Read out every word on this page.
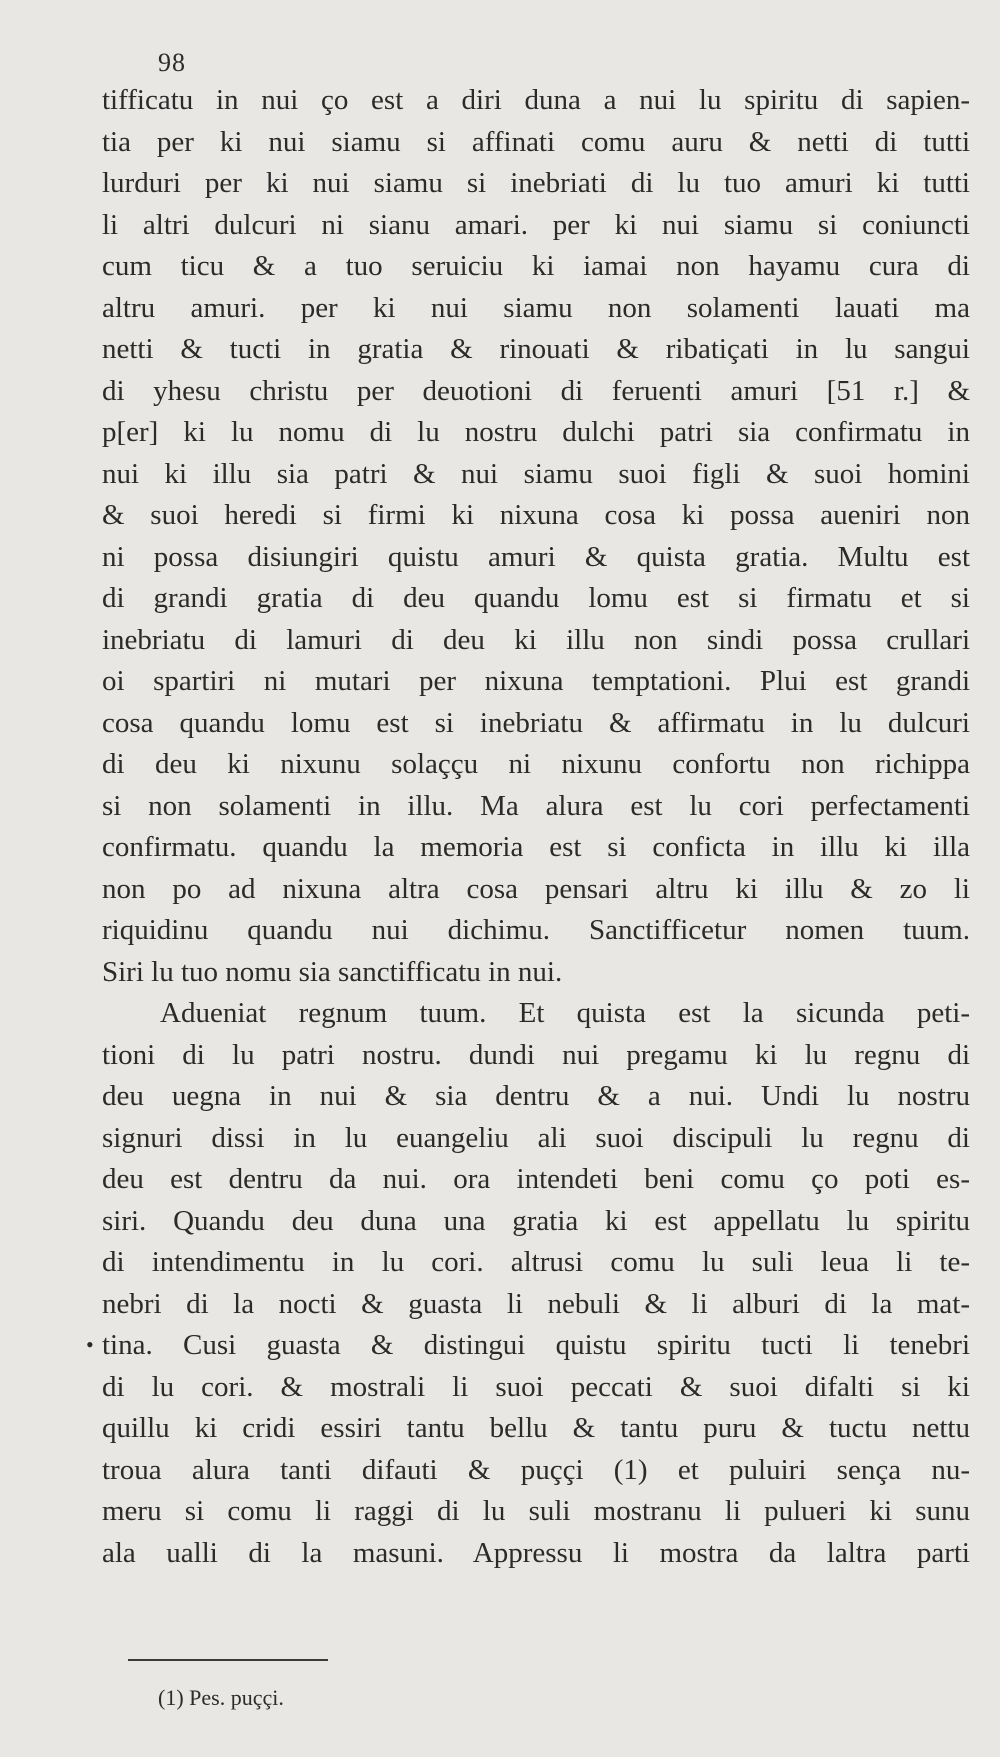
98
tifficatu in nui ço est a diri duna a nui lu spiritu di sapien-
tia per ki nui siamu si affinati comu auru & netti di tutti
lurduri per ki nui siamu si inebriati di lu tuo amuri ki tutti
li altri dulcuri ni sianu amari. per ki nui siamu si coniuncti
cum ticu & a tuo seruiciu ki iamai non hayamu cura di
altru amuri. per ki nui siamu non solamenti lauati ma
netti & tucti in gratia & rinouati & ribatiçati in lu sangui
di yhesu christu per deuotioni di feruenti amuri [51 r.] &
p[er] ki lu nomu di lu nostru dulchi patri sia confirmatu in
nui ki illu sia patri & nui siamu suoi figli & suoi homini
& suoi heredi si firmi ki nixuna cosa ki possa aueniri non
ni possa disiungiri quistu amuri & quista gratia. Multu est
di grandi gratia di deu quandu lomu est si firmatu et si
inebriatu di lamuri di deu ki illu non sindi possa crullari
oi spartiri ni mutari per nixuna temptationi. Plui est grandi
cosa quandu lomu est si inebriatu & affirmatu in lu dulcuri
di deu ki nixunu solaççu ni nixunu confortu non richippa
si non solamenti in illu. Ma alura est lu cori perfectamenti
confirmatu. quandu la memoria est si conficta in illu ki illa
non po ad nixuna altra cosa pensari altru ki illu & zo li
riquidinu quandu nui dichimu. Sanctifficetur nomen tuum.
Siri lu tuo nomu sia sanctifficatu in nui.
Adueniat regnum tuum. Et quista est la sicunda peti-
tioni di lu patri nostru. dundi nui pregamu ki lu regnu di
deu uegna in nui & sia dentru & a nui. Undi lu nostru
signuri dissi in lu euangeliu ali suoi discipuli lu regnu di
deu est dentru da nui. ora intendeti beni comu ço poti es-
siri. Quandu deu duna una gratia ki est appellatu lu spiritu
di intendimentu in lu cori. altrusi comu lu suli leua li te-
nebri di la nocti & guasta li nebuli & li alburi di la mat-
tina. Cusi guasta & distingui quistu spiritu tucti li tenebri
di lu cori. & mostrali li suoi peccati & suoi difalti si ki
quillu ki cridi essiri tantu bellu & tantu puru & tuctu nettu
troua alura tanti difauti & puççi (1) et puluiri sença nu-
meru si comu li raggi di lu suli mostranu li pulueri ki sunu
ala ualli di la masuni. Appressu li mostra da laltra parti
•
(1) Pes. puççi.
